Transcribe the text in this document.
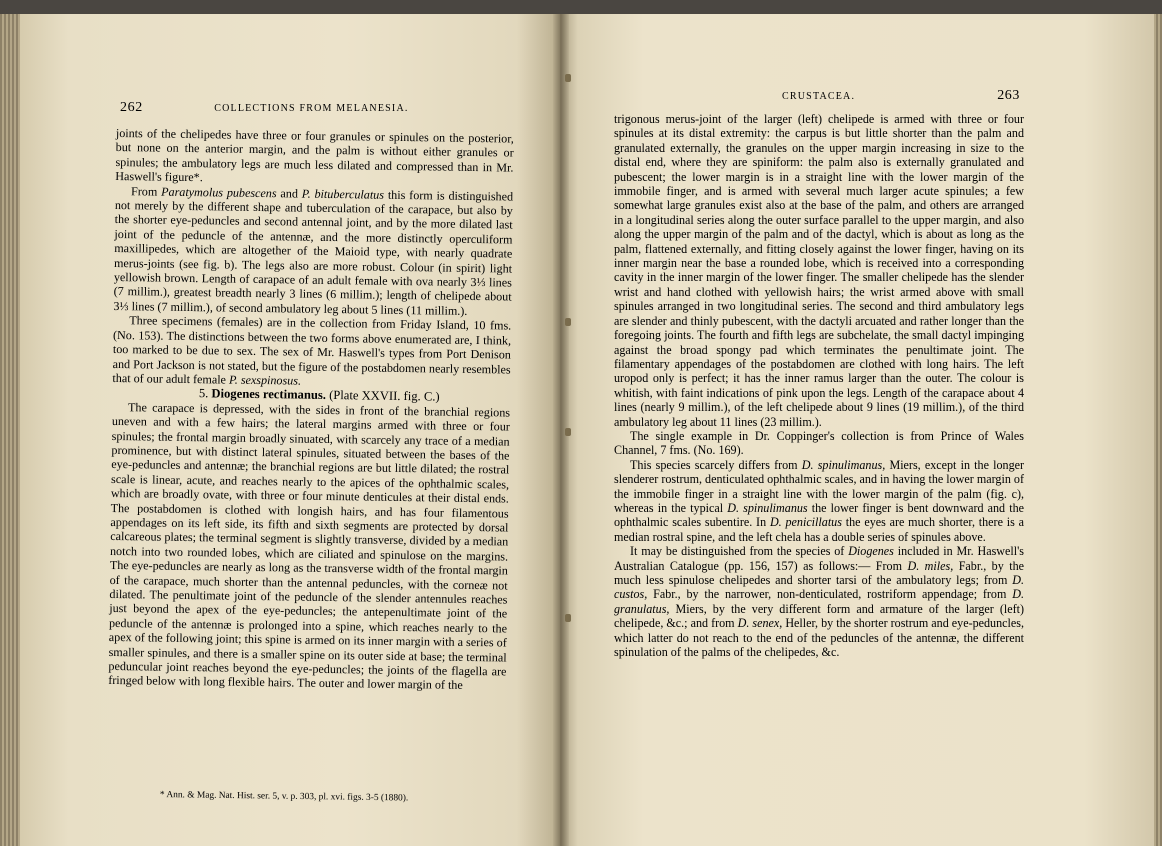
262	COLLECTIONS FROM MELANESIA.

joints of the chelipedes have three or four granules or spinules on the posterior, but none on the anterior margin, and the palm is without either granules or spinules; the ambulatory legs are much less dilated and compressed than in Mr. Haswell's figure*.

From Paratymolus pubescens and P. bituberculatus this form is distinguished not merely by the different shape and tuberculation of the carapace, but also by the shorter eye-peduncles and second antennal joint, and by the more dilated last joint of the peduncle of the antennæ, and the more distinctly operculiform maxillipedes, which are altogether of the Maioid type, with nearly quadrate merus-joints (see fig. b). The legs also are more robust. Colour (in spirit) light yellowish brown. Length of carapace of an adult female with ova nearly 3⅓ lines (7 millim.), greatest breadth nearly 3 lines (6 millim.); length of chelipede about 3⅓ lines (7 millim.), of second ambulatory leg about 5 lines (11 millim.).

Three specimens (females) are in the collection from Friday Island, 10 fms. (No. 153). The distinctions between the two forms above enumerated are, I think, too marked to be due to sex. The sex of Mr. Haswell's types from Port Denison and Port Jackson is not stated, but the figure of the postabdomen nearly resembles that of our adult female P. sexspinosus.

5. Diogenes rectimanus. (Plate XXVII. fig. C.)

The carapace is depressed, with the sides in front of the branchial regions uneven and with a few hairs; the lateral margins armed with three or four spinules; the frontal margin broadly sinuated, with scarcely any trace of a median prominence, but with distinct lateral spinules, situated between the bases of the eye-peduncles and antennæ; the branchial regions are but little dilated; the rostral scale is linear, acute, and reaches nearly to the apices of the ophthalmic scales, which are broadly ovate, with three or four minute denticules at their distal ends. The postabdomen is clothed with longish hairs, and has four filamentous appendages on its left side, its fifth and sixth segments are protected by dorsal calcareous plates; the terminal segment is slightly transverse, divided by a median notch into two rounded lobes, which are ciliated and spinulose on the margins. The eye-peduncles are nearly as long as the transverse width of the frontal margin of the carapace, much shorter than the antennal peduncles, with the corneæ not dilated. The penultimate joint of the peduncle of the slender antennules reaches just beyond the apex of the eye-peduncles; the antepenultimate joint of the peduncle of the antennæ is prolonged into a spine, which reaches nearly to the apex of the following joint; this spine is armed on its inner margin with a series of smaller spinules, and there is a smaller spine on its outer side at base; the terminal peduncular joint reaches beyond the eye-peduncles; the joints of the flagella are fringed below with long flexible hairs. The outer and lower margin of the

* Ann. & Mag. Nat. Hist. ser. 5, v. p. 303, pl. xvi. figs. 3-5 (1880).
CRUSTACEA.	263

trigonous merus-joint of the larger (left) chelipede is armed with three or four spinules at its distal extremity: the carpus is but little shorter than the palm and granulated externally, the granules on the upper margin increasing in size to the distal end, where they are spiniform: the palm also is externally granulated and pubescent; the lower margin is in a straight line with the lower margin of the immobile finger, and is armed with several much larger acute spinules; a few somewhat large granules exist also at the base of the palm, and others are arranged in a longitudinal series along the outer surface parallel to the upper margin, and also along the upper margin of the palm and of the dactyl, which is about as long as the palm, flattened externally, and fitting closely against the lower finger, having on its inner margin near the base a rounded lobe, which is received into a corresponding cavity in the inner margin of the lower finger. The smaller chelipede has the slender wrist and hand clothed with yellowish hairs; the wrist armed above with small spinules arranged in two longitudinal series. The second and third ambulatory legs are slender and thinly pubescent, with the dactyli arcuated and rather longer than the foregoing joints. The fourth and fifth legs are subchelate, the small dactyl impinging against the broad spongy pad which terminates the penultimate joint. The filamentary appendages of the postabdomen are clothed with long hairs. The left uropod only is perfect; it has the inner ramus larger than the outer. The colour is whitish, with faint indications of pink upon the legs. Length of the carapace about 4 lines (nearly 9 millim.), of the left chelipede about 9 lines (19 millim.), of the third ambulatory leg about 11 lines (23 millim.).

The single example in Dr. Coppinger's collection is from Prince of Wales Channel, 7 fms. (No. 169).

This species scarcely differs from D. spinulimanus, Miers, except in the longer slenderer rostrum, denticulated ophthalmic scales, and in having the lower margin of the immobile finger in a straight line with the lower margin of the palm (fig. c), whereas in the typical D. spinulimanus the lower finger is bent downward and the ophthalmic scales subentire. In D. penicillatus the eyes are much shorter, there is a median rostral spine, and the left chela has a double series of spinules above.

It may be distinguished from the species of Diogenes included in Mr. Haswell's Australian Catalogue (pp. 156, 157) as follows:— From D. miles, Fabr., by the much less spinulose chelipedes and shorter tarsi of the ambulatory legs; from D. custos, Fabr., by the narrower, non-denticulated, rostriform appendage; from D. granulatus, Miers, by the very different form and armature of the larger (left) chelipede, &c.; and from D. senex, Heller, by the shorter rostrum and eye-peduncles, which latter do not reach to the end of the peduncles of the antennæ, the different spinulation of the palms of the chelipedes, &c.
